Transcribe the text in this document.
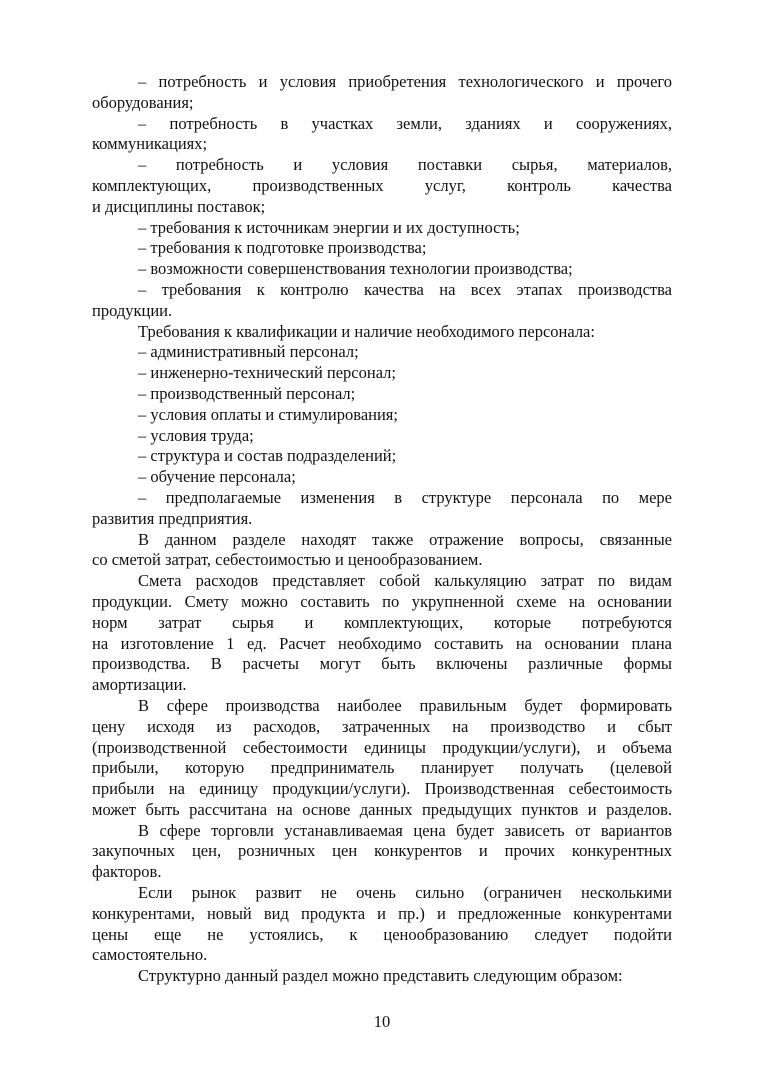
– потребность и условия приобретения технологического и прочего
оборудования;
– потребность в участках земли, зданиях и сооружениях,
коммуникациях;
– потребность и условия поставки сырья, материалов,
комплектующих, производственных услуг, контроль качества
и дисциплины поставок;
– требования к источникам энергии и их доступность;
– требования к подготовке производства;
– возможности совершенствования технологии производства;
– требования к контролю качества на всех этапах производства
продукции.
Требования к квалификации и наличие необходимого персонала:
– административный персонал;
– инженерно-технический персонал;
– производственный персонал;
– условия оплаты и стимулирования;
– условия труда;
– структура и состав подразделений;
– обучение персонала;
– предполагаемые изменения в структуре персонала по мере
развития предприятия.
В данном разделе находят также отражение вопросы, связанные
со сметой затрат, себестоимостью и ценообразованием.
Смета расходов представляет собой калькуляцию затрат по видам
продукции. Смету можно составить по укрупненной схеме на основании
норм затрат сырья и комплектующих, которые потребуются
на изготовление 1 ед. Расчет необходимо составить на основании плана
производства. В расчеты могут быть включены различные формы
амортизации.
В сфере производства наиболее правильным будет формировать
цену исходя из расходов, затраченных на производство и сбыт
(производственной себестоимости единицы продукции/услуги), и объема
прибыли, которую предприниматель планирует получать (целевой
прибыли на единицу продукции/услуги). Производственная себестоимость
может быть рассчитана на основе данных предыдущих пунктов и разделов.
В сфере торговли устанавливаемая цена будет зависеть от вариантов
закупочных цен, розничных цен конкурентов и прочих конкурентных
факторов.
Если рынок развит не очень сильно (ограничен несколькими
конкурентами, новый вид продукта и пр.) и предложенные конкурентами
цены еще не устоялись, к ценообразованию следует подойти
самостоятельно.
Структурно данный раздел можно представить следующим образом:
10
